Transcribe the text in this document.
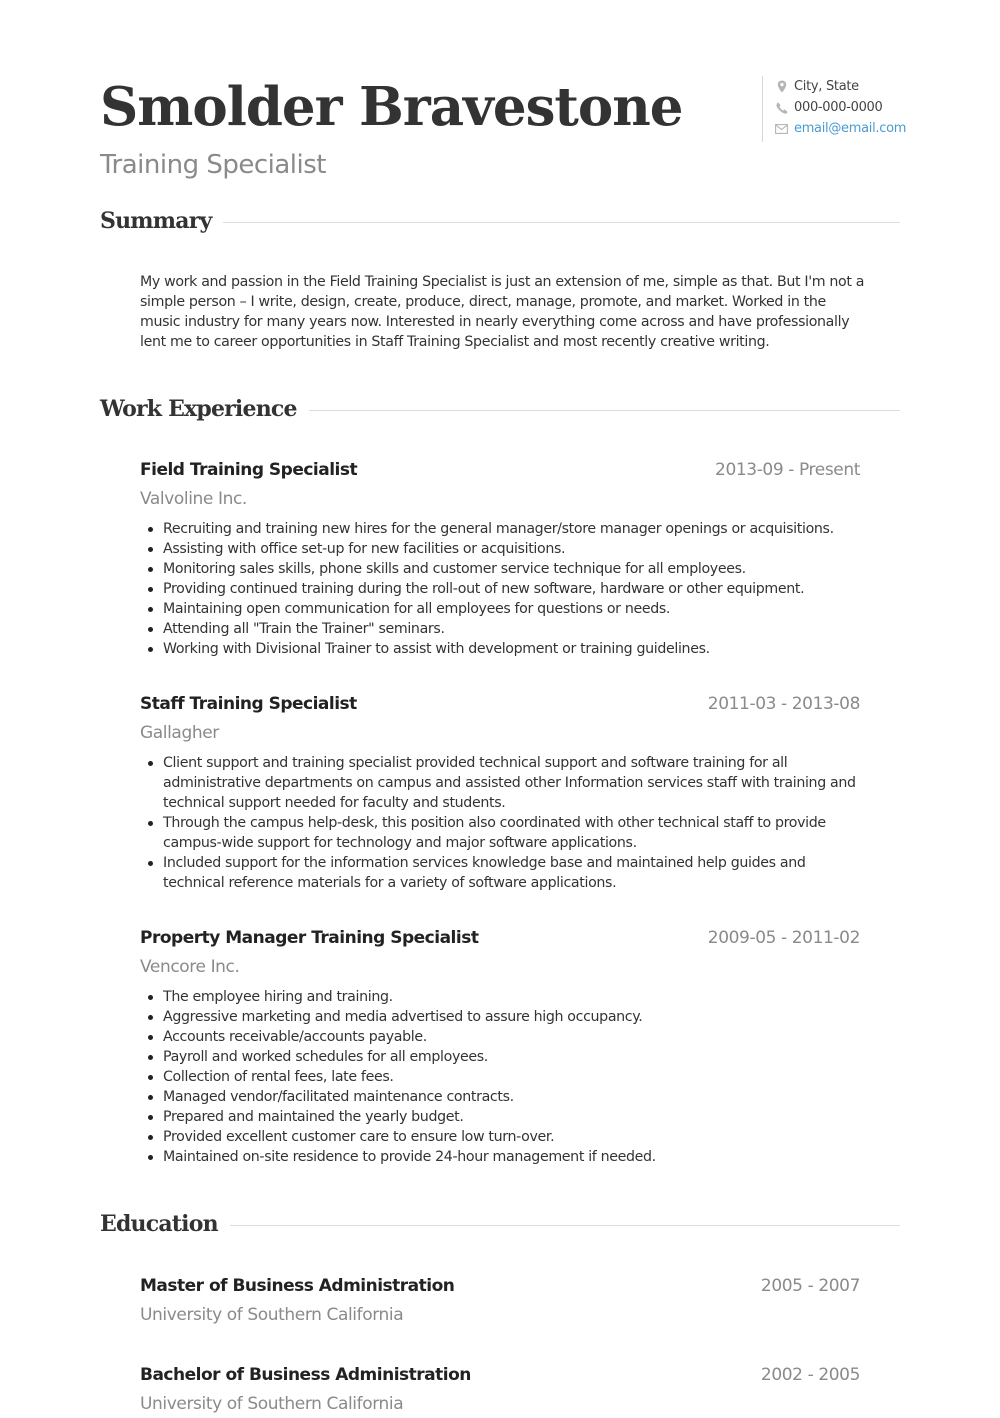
Smolder Bravestone
Training Specialist
City, State
000-000-0000
email@email.com
Summary

My work and passion in the Field Training Specialist is just an extension of me, simple as that. But I'm not a simple person – I write, design, create, produce, direct, manage, promote, and market. Worked in the music industry for many years now. Interested in nearly everything come across and have professionally lent me to career opportunities in Staff Training Specialist and most recently creative writing.

Work Experience
Field Training Specialist	2013-09 - Present
Valvoline Inc.
Recruiting and training new hires for the general manager/store manager openings or acquisitions.
Assisting with office set-up for new facilities or acquisitions.
Monitoring sales skills, phone skills and customer service technique for all employees.
Providing continued training during the roll-out of new software, hardware or other equipment.
Maintaining open communication for all employees for questions or needs.
Attending all "Train the Trainer" seminars.
Working with Divisional Trainer to assist with development or training guidelines.
Staff Training Specialist	2011-03 - 2013-08
Gallagher
Client support and training specialist provided technical support and software training for all administrative departments on campus and assisted other Information services staff with training and technical support needed for faculty and students.
Through the campus help-desk, this position also coordinated with other technical staff to provide campus-wide support for technology and major software applications.
Included support for the information services knowledge base and maintained help guides and technical reference materials for a variety of software applications.
Property Manager Training Specialist	2009-05 - 2011-02
Vencore Inc.
The employee hiring and training.
Aggressive marketing and media advertised to assure high occupancy.
Accounts receivable/accounts payable.
Payroll and worked schedules for all employees.
Collection of rental fees, late fees.
Managed vendor/facilitated maintenance contracts.
Prepared and maintained the yearly budget.
Provided excellent customer care to ensure low turn-over.
Maintained on-site residence to provide 24-hour management if needed.
Education
Master of Business Administration	2005 - 2007
University of Southern California
Bachelor of Business Administration	2002 - 2005
University of Southern California
